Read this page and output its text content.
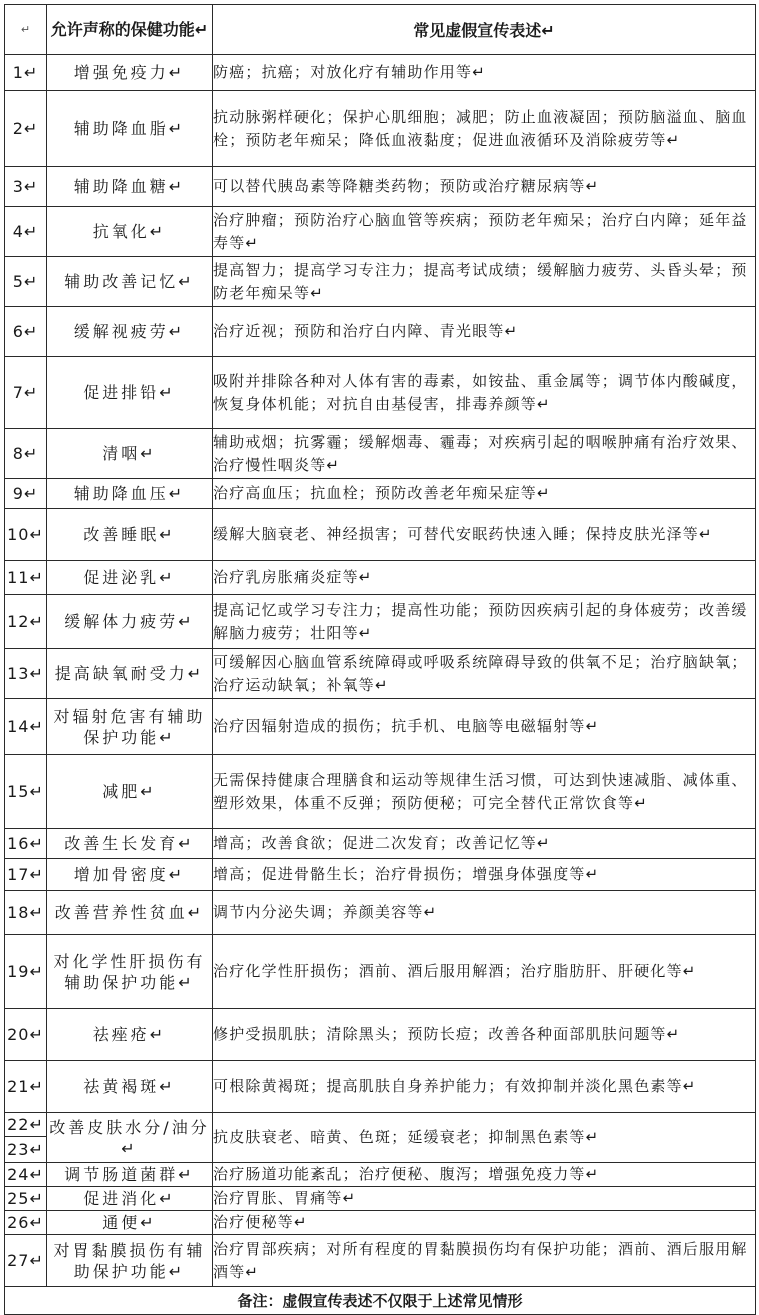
↵	允许声称的保健功能↵	常见虚假宣传表述↵
1↵	增强免疫力↵	防癌；抗癌；对放化疗有辅助作用等↵
2↵	辅助降血脂↵	抗动脉粥样硬化；保护心肌细胞；减肥；防止血液凝固；预防脑溢血、脑血栓；预防老年痴呆；降低血液黏度；促进血液循环及消除疲劳等↵
3↵	辅助降血糖↵	可以替代胰岛素等降糖类药物；预防或治疗糖尿病等↵
4↵	抗氧化↵	治疗肿瘤；预防治疗心脑血管等疾病；预防老年痴呆；治疗白内障；延年益寿等↵
5↵	辅助改善记忆↵	提高智力；提高学习专注力；提高考试成绩；缓解脑力疲劳、头昏头晕；预防老年痴呆等↵
6↵	缓解视疲劳↵	治疗近视；预防和治疗白内障、青光眼等↵
7↵	促进排铅↵	吸附并排除各种对人体有害的毒素，如铵盐、重金属等；调节体内酸碱度，恢复身体机能；对抗自由基侵害，排毒养颜等↵
8↵	清咽↵	辅助戒烟；抗雾霾；缓解烟毒、霾毒；对疾病引起的咽喉肿痛有治疗效果、治疗慢性咽炎等↵
9↵	辅助降血压↵	治疗高血压；抗血栓；预防改善老年痴呆症等↵
10↵	改善睡眠↵	缓解大脑衰老、神经损害；可替代安眠药快速入睡；保持皮肤光泽等↵
11↵	促进泌乳↵	治疗乳房胀痛炎症等↵
12↵	缓解体力疲劳↵	提高记忆或学习专注力；提高性功能；预防因疾病引起的身体疲劳；改善缓解脑力疲劳；壮阳等↵
13↵	提高缺氧耐受力↵	可缓解因心脑血管系统障碍或呼吸系统障碍导致的供氧不足；治疗脑缺氧；治疗运动缺氧；补氧等↵
14↵	对辐射危害有辅助保护功能↵	治疗因辐射造成的损伤；抗手机、电脑等电磁辐射等↵
15↵	减肥↵	无需保持健康合理膳食和运动等规律生活习惯，可达到快速减脂、减体重、塑形效果，体重不反弹；预防便秘；可完全替代正常饮食等↵
16↵	改善生长发育↵	增高；改善食欲；促进二次发育；改善记忆等↵
17↵	增加骨密度↵	增高；促进骨骼生长；治疗骨损伤；增强身体强度等↵
18↵	改善营养性贫血↵	调节内分泌失调；养颜美容等↵
19↵	对化学性肝损伤有辅助保护功能↵	治疗化学性肝损伤；酒前、酒后服用解酒；治疗脂肪肝、肝硬化等↵
20↵	祛痤疮↵	修护受损肌肤；清除黑头；预防长痘；改善各种面部肌肤问题等↵
21↵	祛黄褐斑↵	可根除黄褐斑；提高肌肤自身养护能力；有效抑制并淡化黑色素等↵
22↵	改善皮肤水分/油分↵	抗皮肤衰老、暗黄、色斑；延缓衰老；抑制黑色素等↵
23↵		
24↵	调节肠道菌群↵	治疗肠道功能紊乱；治疗便秘、腹泻；增强免疫力等↵
25↵	促进消化↵	治疗胃胀、胃痛等↵
26↵	通便↵	治疗便秘等↵
27↵	对胃黏膜损伤有辅助保护功能↵	治疗胃部疾病；对所有程度的胃黏膜损伤均有保护功能；酒前、酒后服用解酒等↵
备注：虚假宣传表述不仅限于上述常见情形		
